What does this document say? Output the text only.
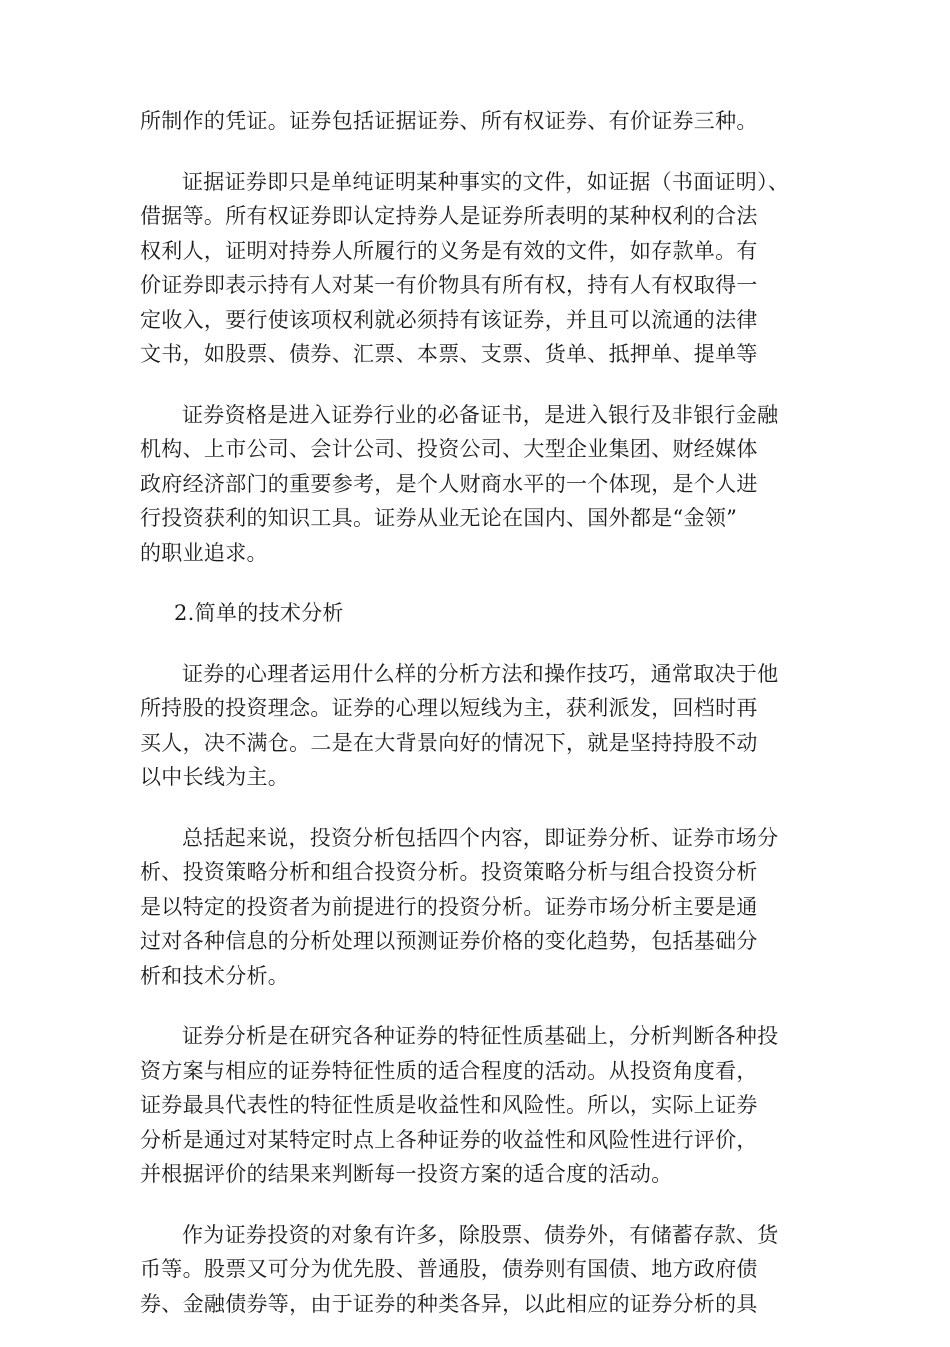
所制作的凭证。证券包括证据证券、所有权证券、有价证券三种。

证据证券即只是单纯证明某种事实的文件，如证据（书面证明）、
借据等。所有权证券即认定持券人是证券所表明的某种权利的合法
权利人，证明对持券人所履行的义务是有效的文件，如存款单。有
价证券即表示持有人对某一有价物具有所有权，持有人有权取得一
定收入，要行使该项权利就必须持有该证券，并且可以流通的法律
文书，如股票、债券、汇票、本票、支票、货单、抵押单、提单等

证券资格是进入证券行业的必备证书，是进入银行及非银行金融
机构、上市公司、会计公司、投资公司、大型企业集团、财经媒体
政府经济部门的重要参考，是个人财商水平的一个体现，是个人进
行投资获利的知识工具。证券从业无论在国内、国外都是“金领”
的职业追求。

2.简单的技术分析

证券的心理者运用什么样的分析方法和操作技巧，通常取决于他
所持股的投资理念。证券的心理以短线为主，获利派发，回档时再
买人，决不满仓。二是在大背景向好的情况下，就是坚持持股不动
以中长线为主。

总括起来说，投资分析包括四个内容，即证券分析、证券市场分
析、投资策略分析和组合投资分析。投资策略分析与组合投资分析
是以特定的投资者为前提进行的投资分析。证券市场分析主要是通
过对各种信息的分析处理以预测证券价格的变化趋势，包括基础分
析和技术分析。

证券分析是在研究各种证券的特征性质基础上，分析判断各种投
资方案与相应的证券特征性质的适合程度的活动。从投资角度看，
证券最具代表性的特征性质是收益性和风险性。所以，实际上证券
分析是通过对某特定时点上各种证券的收益性和风险性进行评价，
并根据评价的结果来判断每一投资方案的适合度的活动。

作为证券投资的对象有许多，除股票、债券外，有储蓄存款、货
币等。股票又可分为优先股、普通股，债券则有国债、地方政府债
券、金融债券等，由于证券的种类各异，以此相应的证券分析的具
